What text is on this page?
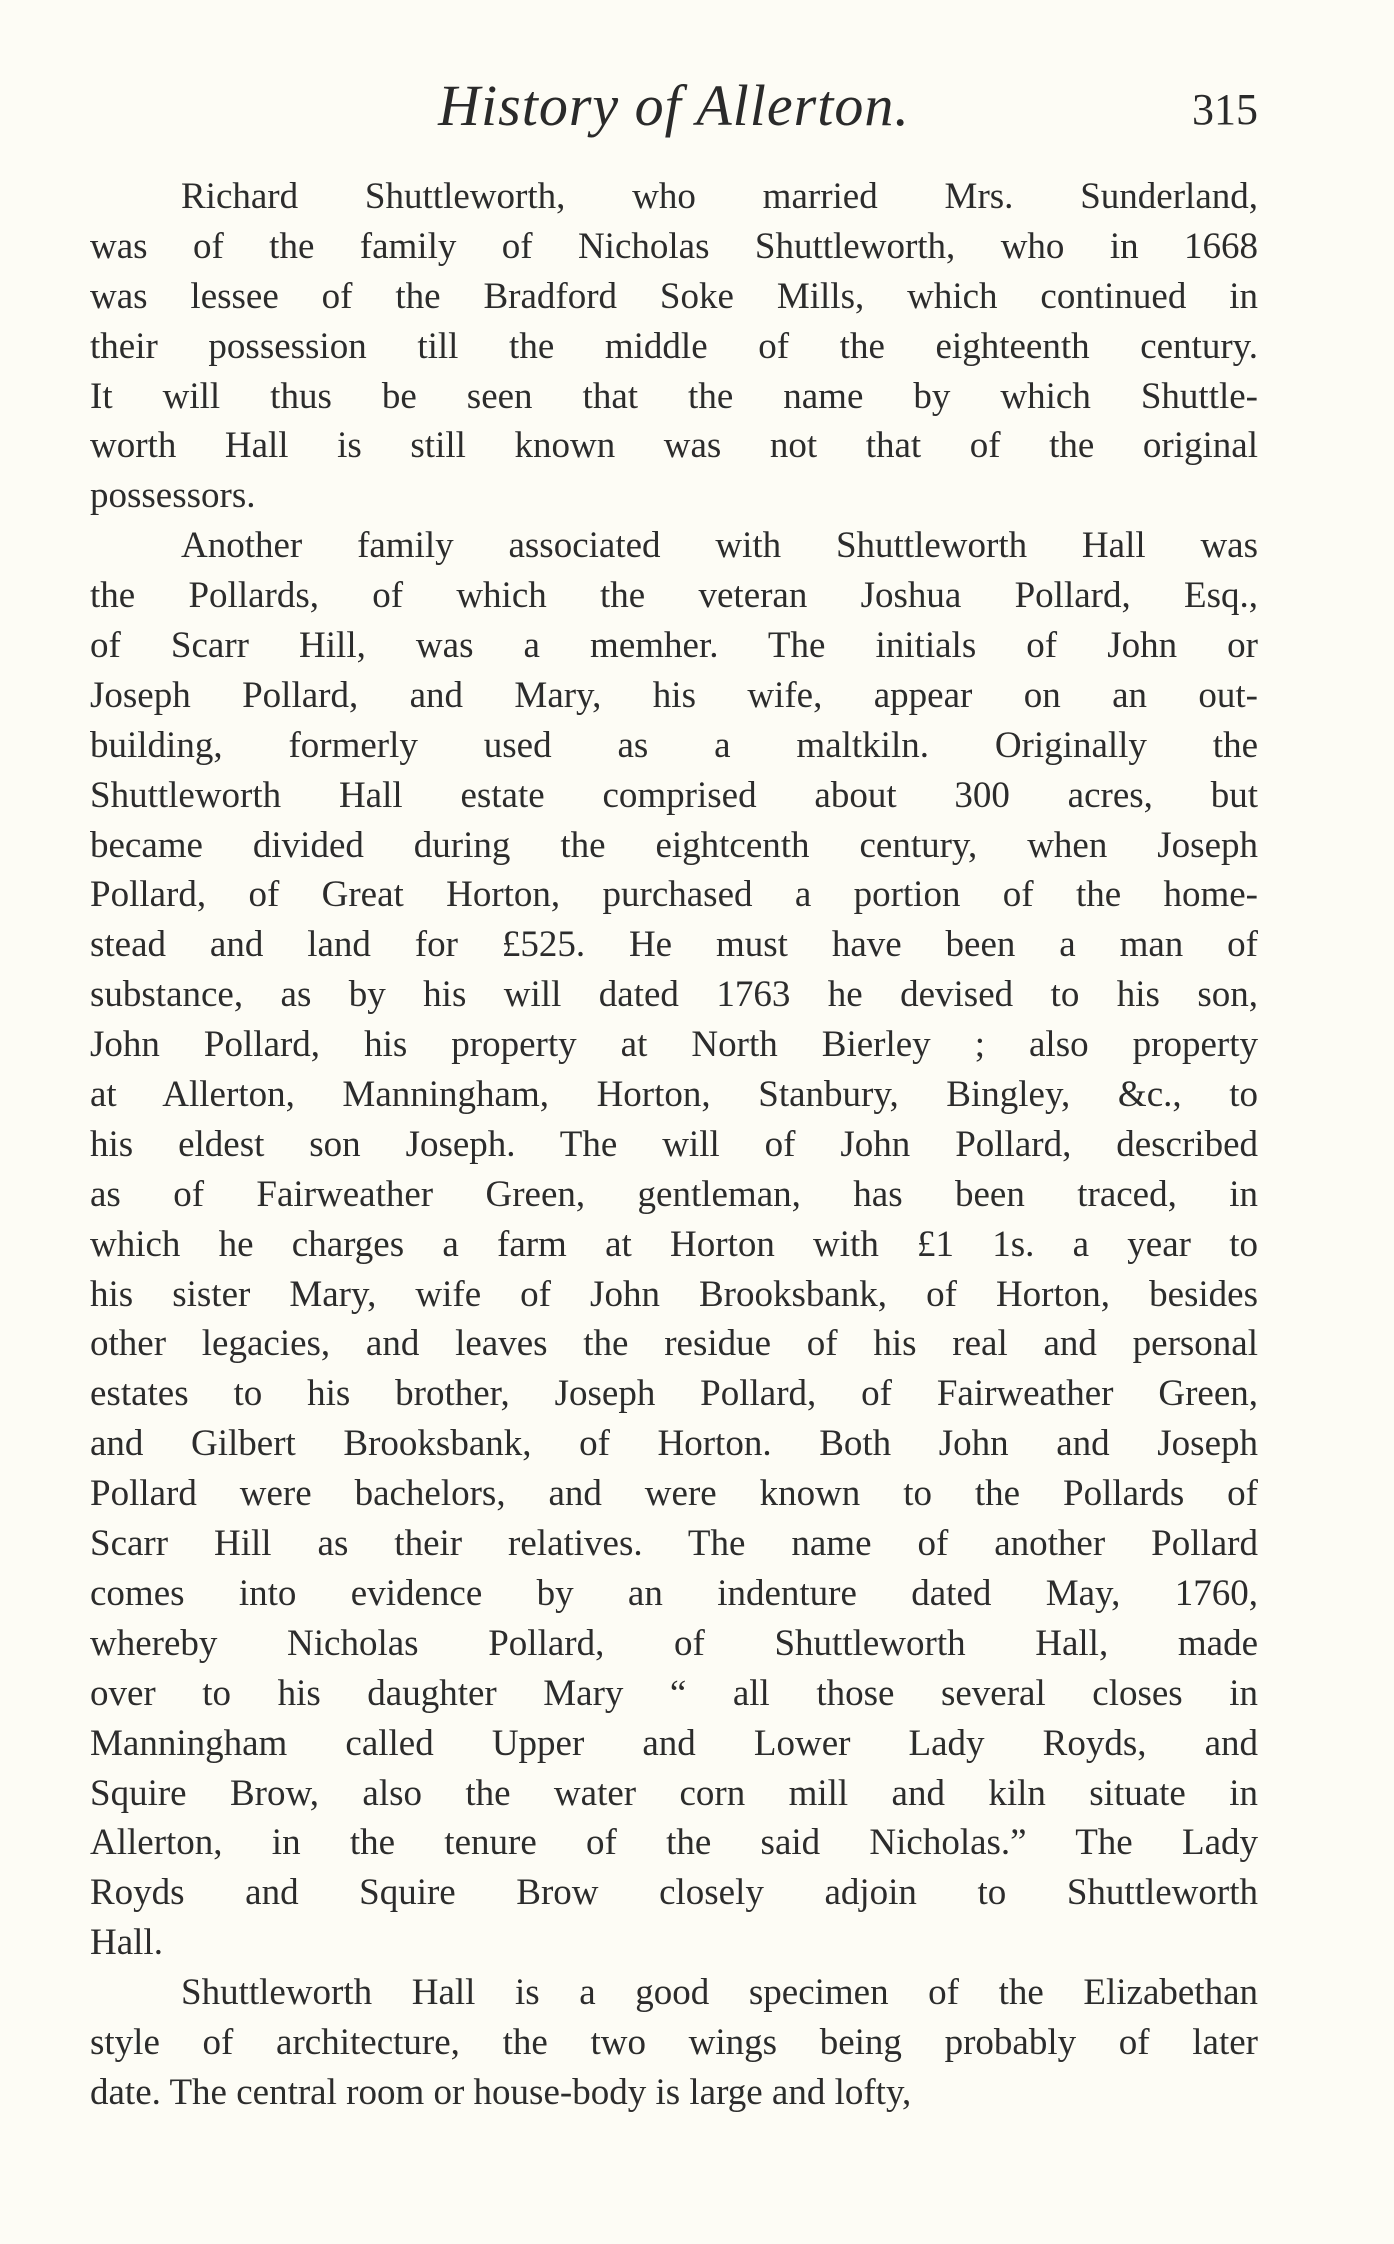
History of Allerton.	315
Richard Shuttleworth, who married Mrs. Sunderland,
was of the family of Nicholas Shuttleworth, who in 1668
was lessee of the Bradford Soke Mills, which continued in
their possession till the middle of the eighteenth century.
It will thus be seen that the name by which Shuttle-
worth Hall is still known was not that of the original
possessors.
Another family associated with Shuttleworth Hall was
the Pollards, of which the veteran Joshua Pollard, Esq.,
of Scarr Hill, was a memher. The initials of John or
Joseph Pollard, and Mary, his wife, appear on an out-
building, formerly used as a maltkiln. Originally the
Shuttleworth Hall estate comprised about 300 acres, but
became divided during the eightcenth century, when Joseph
Pollard, of Great Horton, purchased a portion of the home-
stead and land for £525. He must have been a man of
substance, as by his will dated 1763 he devised to his son,
John Pollard, his property at North Bierley ; also property
at Allerton, Manningham, Horton, Stanbury, Bingley, &c., to
his eldest son Joseph. The will of John Pollard, described
as of Fairweather Green, gentleman, has been traced, in
which he charges a farm at Horton with £1 1s. a year to
his sister Mary, wife of John Brooksbank, of Horton, besides
other legacies, and leaves the residue of his real and personal
estates to his brother, Joseph Pollard, of Fairweather Green,
and Gilbert Brooksbank, of Horton. Both John and Joseph
Pollard were bachelors, and were known to the Pollards of
Scarr Hill as their relatives. The name of another Pollard
comes into evidence by an indenture dated May, 1760,
whereby Nicholas Pollard, of Shuttleworth Hall, made
over to his daughter Mary “ all those several closes in
Manningham called Upper and Lower Lady Royds, and
Squire Brow, also the water corn mill and kiln situate in
Allerton, in the tenure of the said Nicholas.” The Lady
Royds and Squire Brow closely adjoin to Shuttleworth
Hall.
Shuttleworth Hall is a good specimen of the Elizabethan
style of architecture, the two wings being probably of later
date. The central room or house-body is large and lofty,
